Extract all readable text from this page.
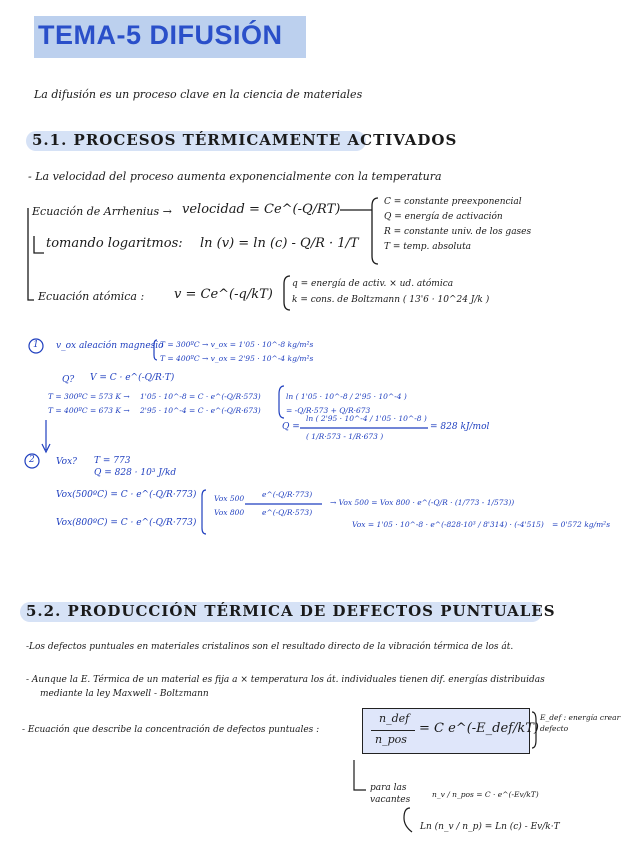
TEMA-5 DIFUSIÓN
La difusión es un proceso clave en la ciencia de materiales
5.1. PROCESOS TÉRMICAMENTE ACTIVADOS
- La velocidad del proceso aumenta exponencialmente con la temperatura
Ecuación de Arrhenius → velocidad = Ce^(-Q/RT)	C = constante preexponencial
Q = energía de activación
R = constante univ. de los gases
T = temp. absoluta
tomando logaritmos: ln (v) = ln (c) - Q/R · 1/T
Ecuación atómica : v = Ce^(-q/kT)
q = energía de activ. × ud. atómica
k = cons. de Boltzmann ( 13'6 · 10^24 J/k )
1 v_ox aleación magnesio
T = 300ºC → v_ox = 1'05 · 10^-8 kg/m²s
T = 400ºC → v_ox = 2'95 · 10^-4 kg/m²s
Q? V = C · e^(-Q/R·T)
T = 300ºC = 573 K →
T = 400ºC = 673 K →
1'05 · 10^-8 = C · e^(-Q/R·573)
2'95 · 10^-4 = C · e^(-Q/R·673)
ln ( 1'05 · 10^-8 / 2'95 · 10^-4 )
= -Q/R·573 + Q/R·673
Q =
ln ( 2'95 · 10^-4 / 1'05 · 10^-8 )
( 1/R·573 - 1/R·673 )
= 828 kJ/mol
2 Vox? T = 773
Q = 828 · 10³ J/kd
Vox(500ºC) = C · e^(-Q/R·773)
Vox(800ºC) = C · e^(-Q/R·773)
Vox 500
Vox 800
e^(-Q/R·773)
e^(-Q/R·573)
→ Vox 500 = Vox 800 · e^(-Q/R · (1/773 - 1/573))
Vox = 1'05 · 10^-8 · e^(-828·10³ / 8'314) · (-4'515) = 0'572 kg/m²s
5.2. PRODUCCIÓN TÉRMICA DE DEFECTOS PUNTUALES
-Los defectos puntuales en materiales cristalinos son el resultado directo de la vibración térmica de los át.
- Aunque la E. Térmica de un material es fija a × temperatura los át. individuales tienen dif. energías distribuidas
mediante la ley Maxwell - Boltzmann
- Ecuación que describe la concentración de defectos puntuales :
n_def
n_pos
= C e^(-E_def/kT)
E_def : energía crear defecto
para las vacantes
n_v / n_pos = C · e^(-Ev/kT)
Ln (n_v / n_p) = Ln (c) - Ev/k·T
